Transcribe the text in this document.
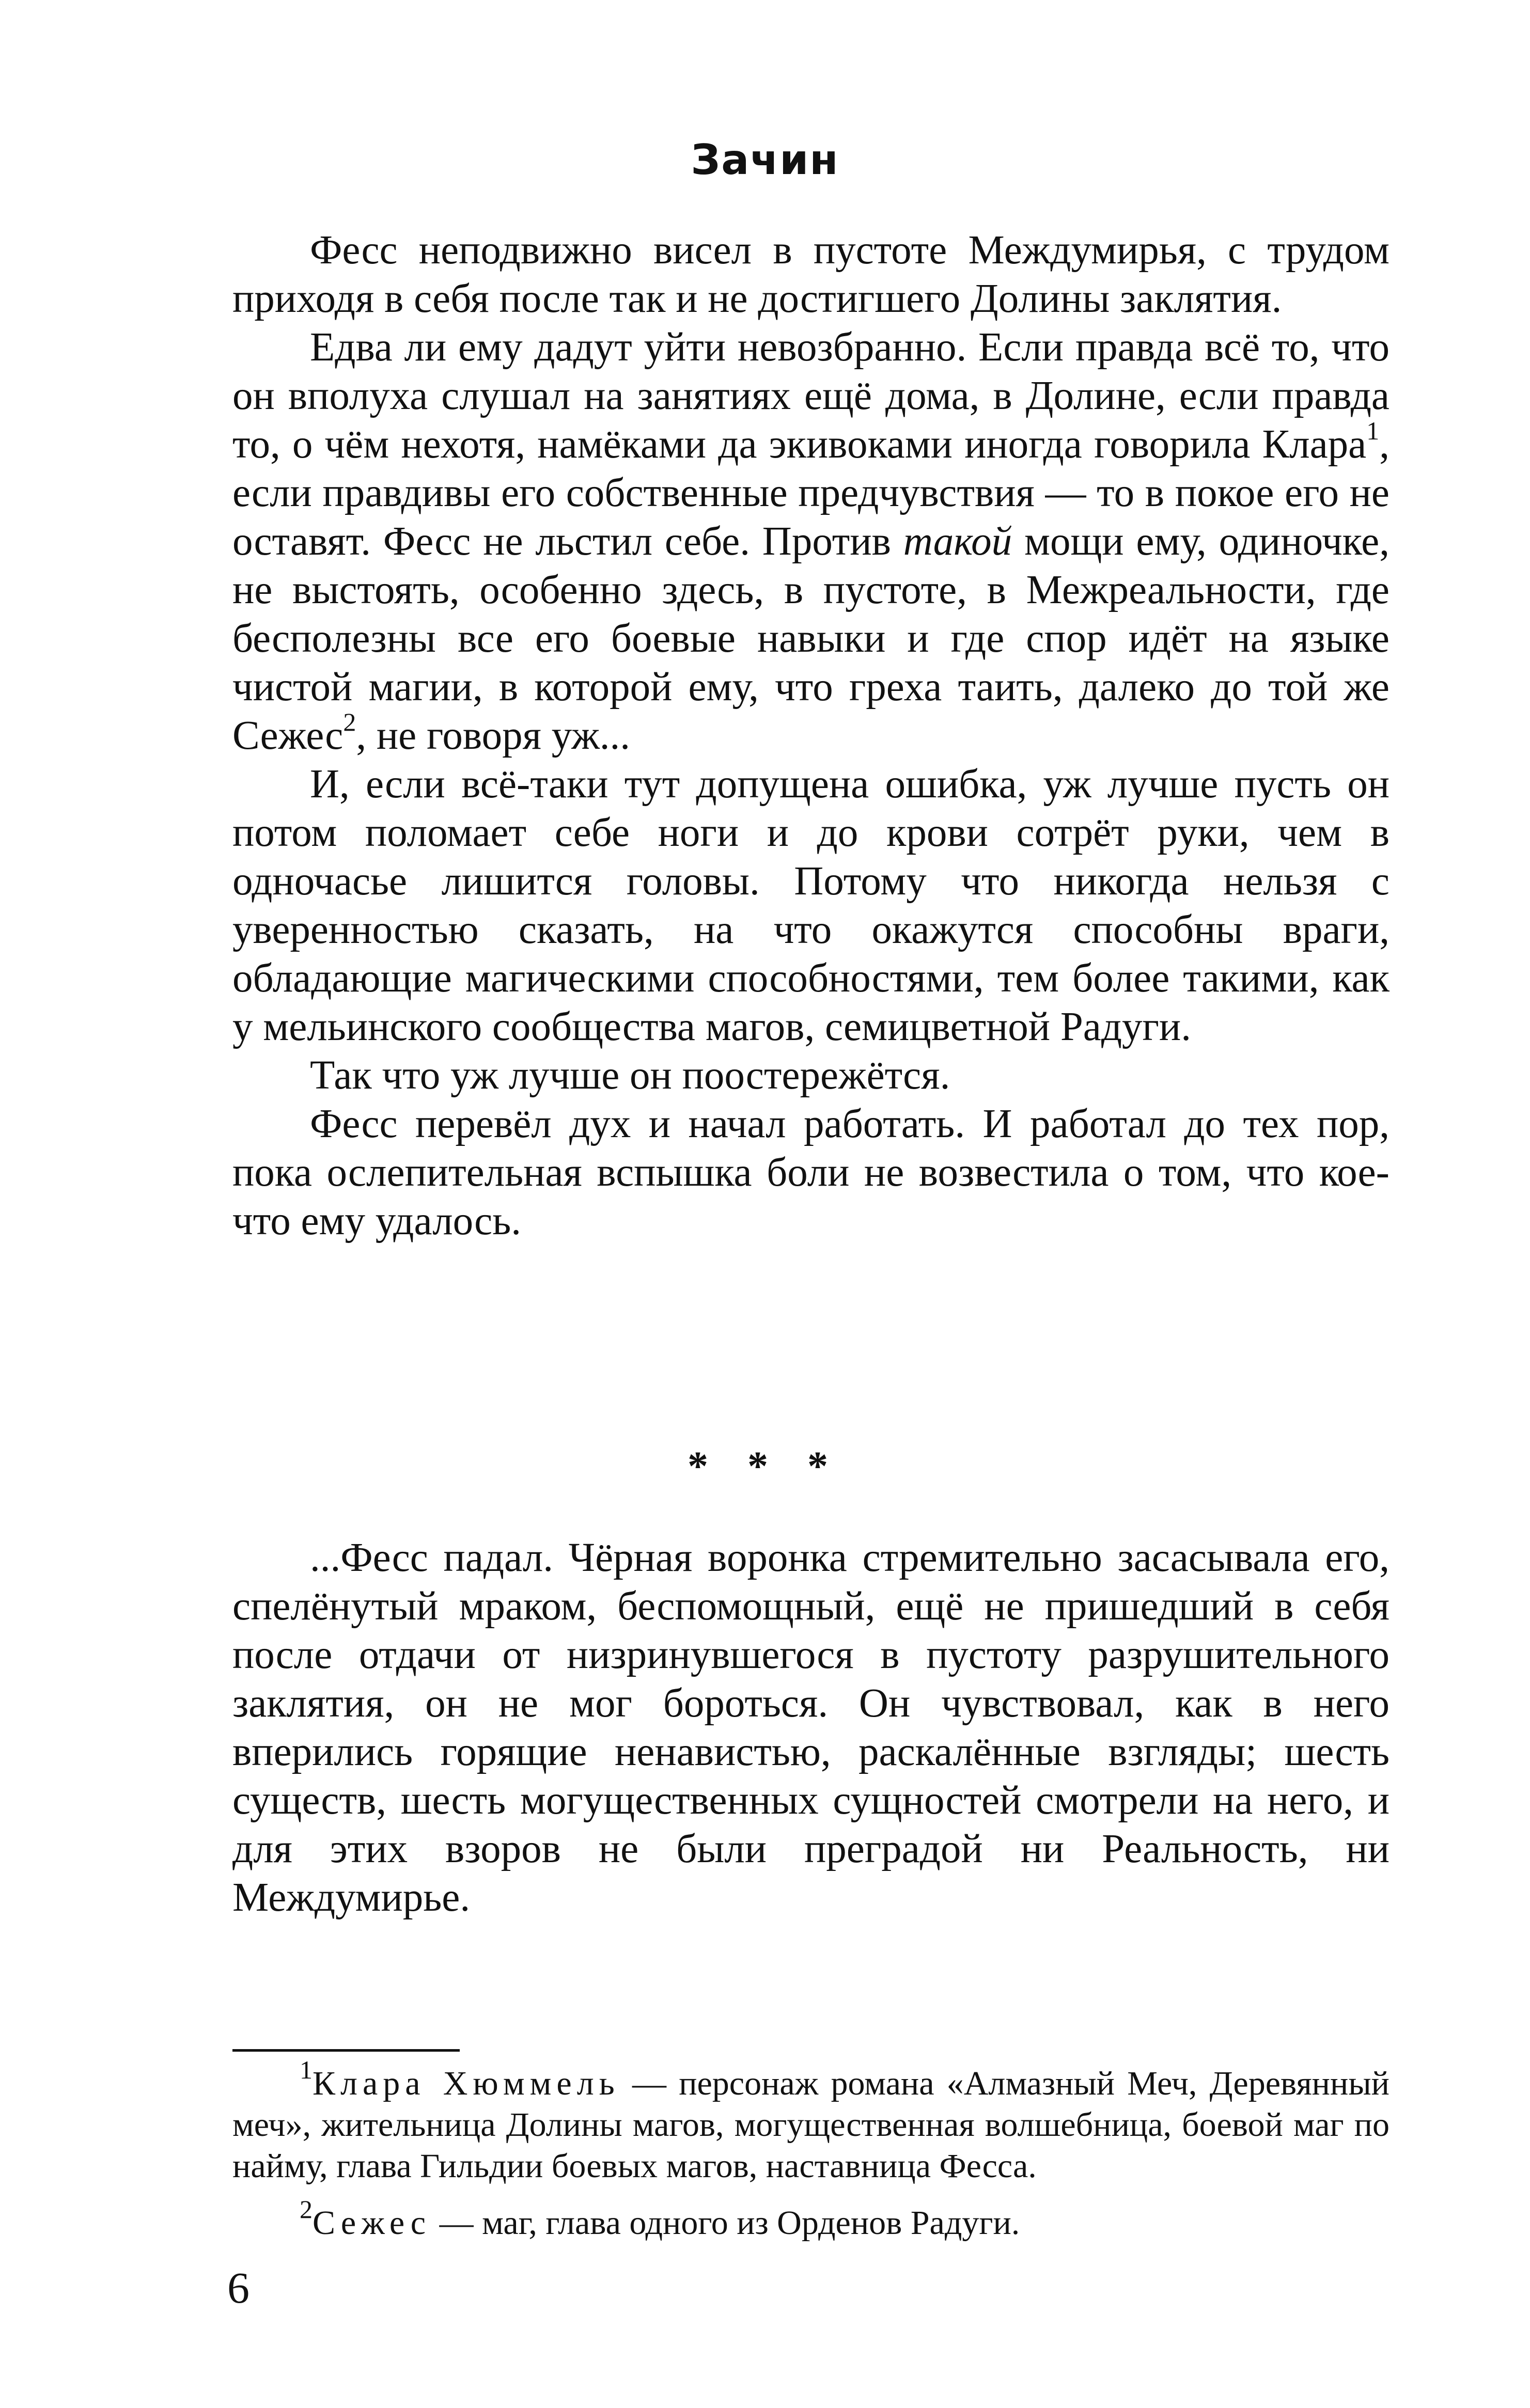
Зачин

Фесс неподвижно висел в пустоте Междумирья, с трудом приходя в себя после так и не достигшего Долины заклятия.

Едва ли ему дадут уйти невозбранно. Если правда всё то, что он вполуха слушал на занятиях ещё дома, в Долине, если правда то, о чём нехотя, намёками да экивоками иногда говорила Клара$^1$, если правдивы его собственные предчувствия — то в покое его не оставят. Фесс не льстил себе. Против такой мощи ему, одиночке, не выстоять, особенно здесь, в пустоте, в Межреальности, где бесполезны все его боевые навыки и где спор идёт на языке чистой магии, в которой ему, что греха таить, далеко до той же Сежес$^2$, не говоря уж...

И, если всё-таки тут допущена ошибка, уж лучше пусть он потом поломает себе ноги и до крови сотрёт руки, чем в одночасье лишится головы. Потому что никогда нельзя с уверенностью сказать, на что окажутся способны враги, обладающие магическими способностями, тем более такими, как у мельинского сообщества магов, семицветной Радуги.

Так что уж лучше он поостережётся.

Фесс перевёл дух и начал работать. И работал до тех пор, пока ослепительная вспышка боли не возвестила о том, что кое-что ему удалось.

* * *

...Фесс падал. Чёрная воронка стремительно засасывала его, спелёнутый мраком, беспомощный, ещё не пришедший в себя после отдачи от низринувшегося в пустоту разрушительного заклятия, он не мог бороться. Он чувствовал, как в него вперились горящие ненавистью, раскалённые взгляды; шесть существ, шесть могущественных сущностей смотрели на него, и для этих взоров не были преградой ни Реальность, ни Междумирье.

$^1$Клара Хюммель — персонаж романа «Алмазный Меч, Деревянный меч», жительница Долины магов, могущественная волшебница, боевой маг по найму, глава Гильдии боевых магов, наставница Фесса.

$^2$Сежес — маг, глава одного из Орденов Радуги.

6
